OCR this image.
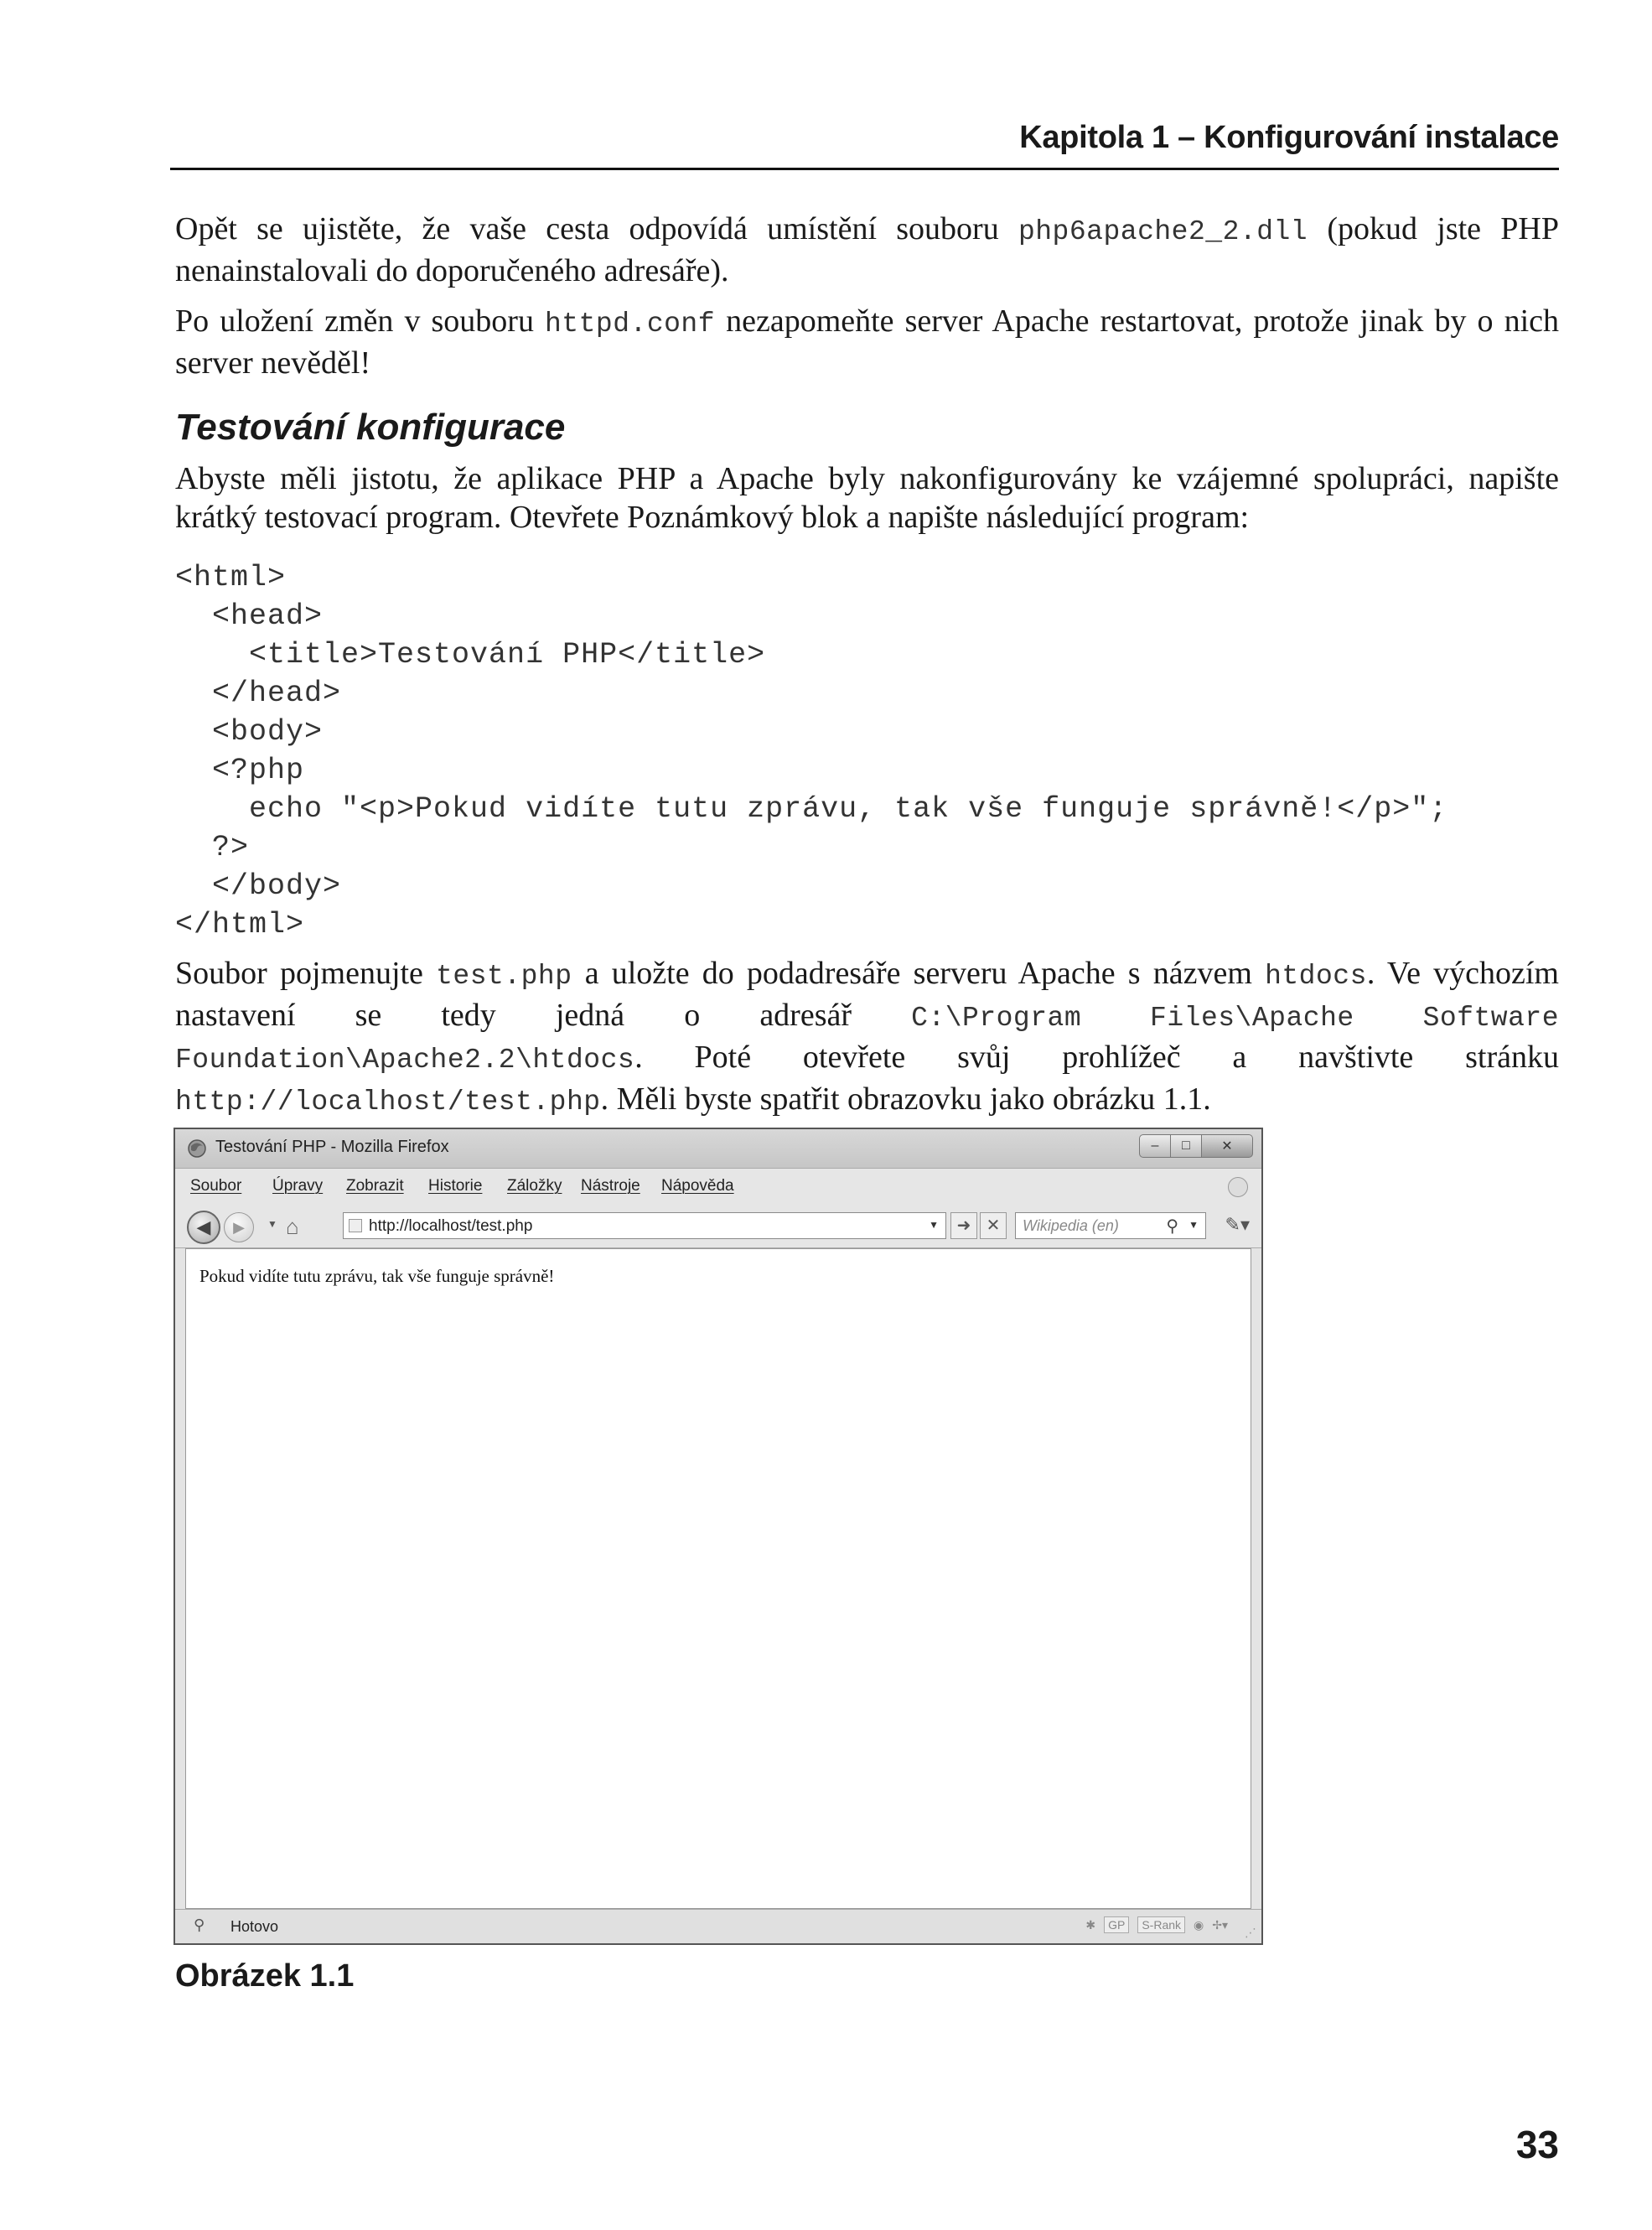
Kapitola 1 – Konfigurování instalace

Opět se ujistěte, že vaše cesta odpovídá umístění souboru php6apache2_2.dll (pokud jste PHP nenainstalovali do doporučeného adresáře).

Po uložení změn v souboru httpd.conf nezapomeňte server Apache restartovat, protože jinak by o nich server nevěděl!

Testování konfigurace

Abyste měli jistotu, že aplikace PHP a Apache byly nakonfigurovány ke vzájemné spolupráci, napište krátký testovací program. Otevřete Poznámkový blok a napište následující program:

<html>
<head>
<title>Testování PHP</title>
</head>
<body>
<?php
echo "<p>Pokud vidíte tutu zprávu, tak vše funguje správně!</p>";
?>
</body>
</html>

Soubor pojmenujte test.php a uložte do podadresáře serveru Apache s názvem htdocs. Ve výchozím nastavení se tedy jedná o adresář C:\Program Files\Apache Software Foundation\Apache2.2\htdocs. Poté otevřete svůj prohlížeč a navštivte stránku http://localhost/test.php. Měli byste spatřit obrazovku jako obrázku 1.1.

Testování PHP - Mozilla Firefox	–	□	✕
Soubor Úpravy Zobrazit Historie Záložky Nástroje Nápověda
◀ ▶ ▼ ⌂	http://localhost/test.php	▼	➜ ✕	Wikipedia (en)	⚲ ▼ ✎▾
Pokud vidíte tutu zprávu, tak vše funguje správně!
⚲ Hotovo	✱	GP	S-Rank	◉ ✢▾
⋰
Obrázek 1.1
33
